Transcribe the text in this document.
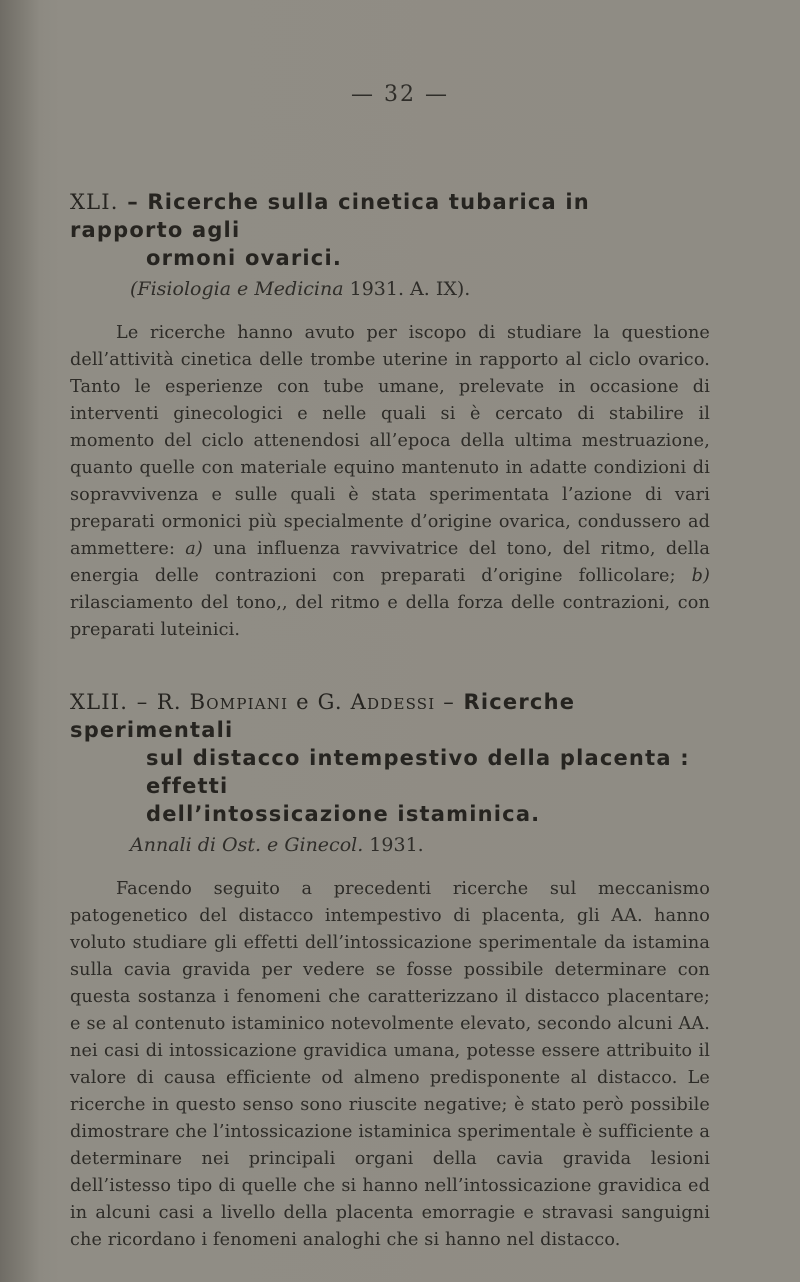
— 32 —

XLI. – Ricerche sulla cinetica tubarica in rapporto agli
ormoni ovarici.

(Fisiologia e Medicina 1931. A. IX).
Le ricerche hanno avuto per iscopo di studiare la questione dell’attività cinetica delle trombe uterine in rapporto al ciclo ovarico. Tanto le esperienze con tube umane, prelevate in occasione di interventi ginecologici e nelle quali si è cercato di stabilire il momento del ciclo attenendosi all’epoca della ultima mestruazione, quanto quelle con materiale equino mantenuto in adatte condizioni di sopravvivenza e sulle quali è stata sperimentata l’azione di vari preparati ormonici più specialmente d’origine ovarica, condussero ad ammettere: a) una influenza ravvivatrice del tono, del ritmo, della energia delle contrazioni con preparati d’origine follicolare; b) rilasciamento del tono,, del ritmo e della forza delle contrazioni, con preparati luteinici.

XLII. – R. Bompiani e G. Addessi – Ricerche sperimentali
sul distacco intempestivo della placenta : effetti
dell’intossicazione istaminica.

Annali di Ost. e Ginecol. 1931.
Facendo seguito a precedenti ricerche sul meccanismo patogenetico del distacco intempestivo di placenta, gli AA. hanno voluto studiare gli effetti dell’intossicazione sperimentale da istamina sulla cavia gravida per vedere se fosse possibile determinare con questa sostanza i fenomeni che caratterizzano il distacco placentare; e se al contenuto istaminico notevolmente elevato, secondo alcuni AA. nei casi di intossicazione gravidica umana, potesse essere attribuito il valore di causa efficiente od almeno predisponente al distacco. Le ricerche in questo senso sono riuscite negative; è stato però possibile dimostrare che l’intossicazione istaminica sperimentale è sufficiente a determinare nei principali organi della cavia gravida lesioni dell’istesso tipo di quelle che si hanno nell’intossicazione gravidica ed in alcuni casi a livello della placenta emorragie e stravasi sanguigni che ricordano i fenomeni analoghi che si hanno nel distacco.
